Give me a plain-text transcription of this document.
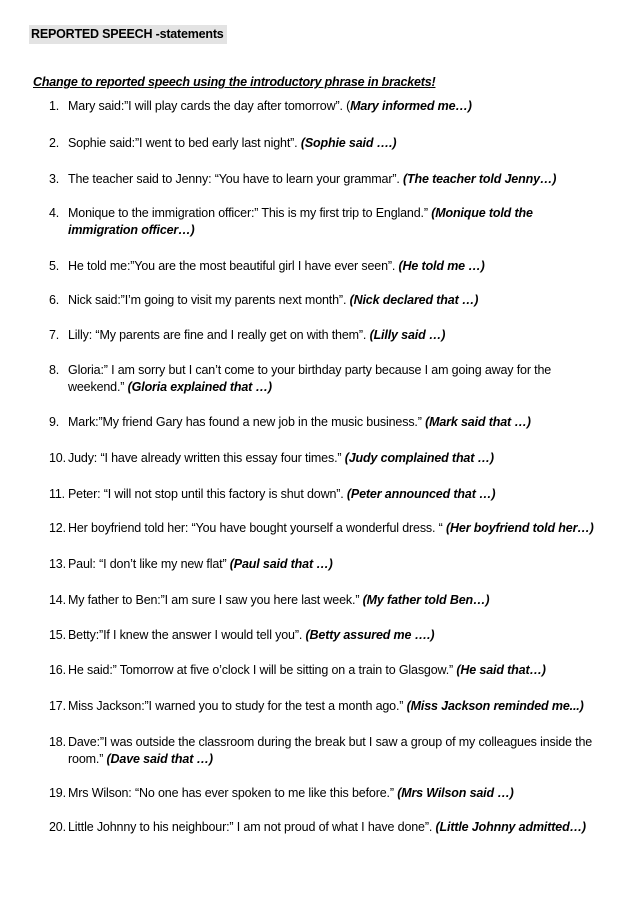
REPORTED SPEECH -statements
Change to reported speech using the introductory phrase in brackets!
1. Mary said:”I will play cards the day after tomorrow”. (Mary informed me…)
2. Sophie said:”I went to bed early last night”. (Sophie said ….)
3. The teacher said to Jenny: “You have to learn your grammar”. (The teacher told Jenny…)
4. Monique to the immigration officer:” This is my first trip to England.” (Monique told the immigration officer…)
5. He told me:”You are the most beautiful girl I have ever seen”. (He told me …)
6. Nick said:”I’m going to visit my parents next month”. (Nick declared that …)
7. Lilly: “My parents are fine and I really get on with them”. (Lilly said …)
8. Gloria:” I am sorry but I can’t come to your birthday party because I am going away for the weekend.” (Gloria explained that …)
9. Mark:”My friend Gary has found a new job in the music business.” (Mark said that …)
10. Judy: “I have already written this essay four times.” (Judy complained that …)
11. Peter: “I will not stop until this factory is shut down”. (Peter announced that …)
12. Her boyfriend told her: “You have bought yourself a wonderful dress. “ (Her boyfriend told her…)
13. Paul: “I don’t like my new flat” (Paul said that …)
14. My father to Ben:”I am sure I saw you here last week.” (My father told Ben…)
15. Betty:”If I knew the answer I would tell you”. (Betty assured me ….)
16. He said:” Tomorrow at five o’clock I will be sitting on a train to Glasgow.” (He said that…)
17. Miss Jackson:”I warned you to study for the test a month ago.” (Miss Jackson reminded me...)
18. Dave:”I was outside the classroom during the break but I saw a group of my colleagues inside the room.” (Dave said that …)
19. Mrs Wilson: “No one has ever spoken to me like this before.” (Mrs Wilson said …)
20. Little Johnny to his neighbour:” I am not proud of what I have done”. (Little Johnny admitted…)
